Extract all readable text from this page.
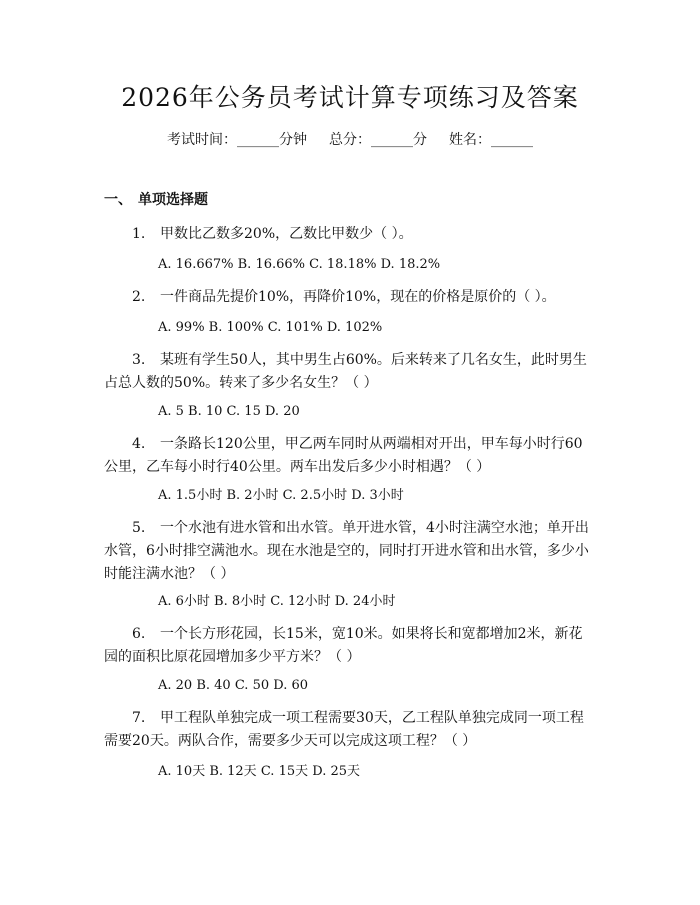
2026年公务员考试计算专项练习及答案
考试时间：______分钟 总分：______分 姓名：______
一、 单项选择题
1. 甲数比乙数多20%，乙数比甲数少（ ）。
A. 16.667% B. 16.66% C. 18.18% D. 18.2%
2. 一件商品先提价10%，再降价10%，现在的价格是原价的（ ）。
A. 99% B. 100% C. 101% D. 102%
3. 某班有学生50人，其中男生占60%。后来转来了几名女生，此时男生占总人数的50%。转来了多少名女生？（ ）
A. 5 B. 10 C. 15 D. 20
4. 一条路长120公里，甲乙两车同时从两端相对开出，甲车每小时行60公里，乙车每小时行40公里。两车出发后多少小时相遇？（ ）
A. 1.5小时 B. 2小时 C. 2.5小时 D. 3小时
5. 一个水池有进水管和出水管。单开进水管，4小时注满空水池；单开出水管，6小时排空满池水。现在水池是空的，同时打开进水管和出水管，多少小时能注满水池？（ ）
A. 6小时 B. 8小时 C. 12小时 D. 24小时
6. 一个长方形花园，长15米，宽10米。如果将长和宽都增加2米，新花园的面积比原花园增加多少平方米？（ ）
A. 20 B. 40 C. 50 D. 60
7. 甲工程队单独完成一项工程需要30天，乙工程队单独完成同一项工程需要20天。两队合作，需要多少天可以完成这项工程？（ ）
A. 10天 B. 12天 C. 15天 D. 25天
